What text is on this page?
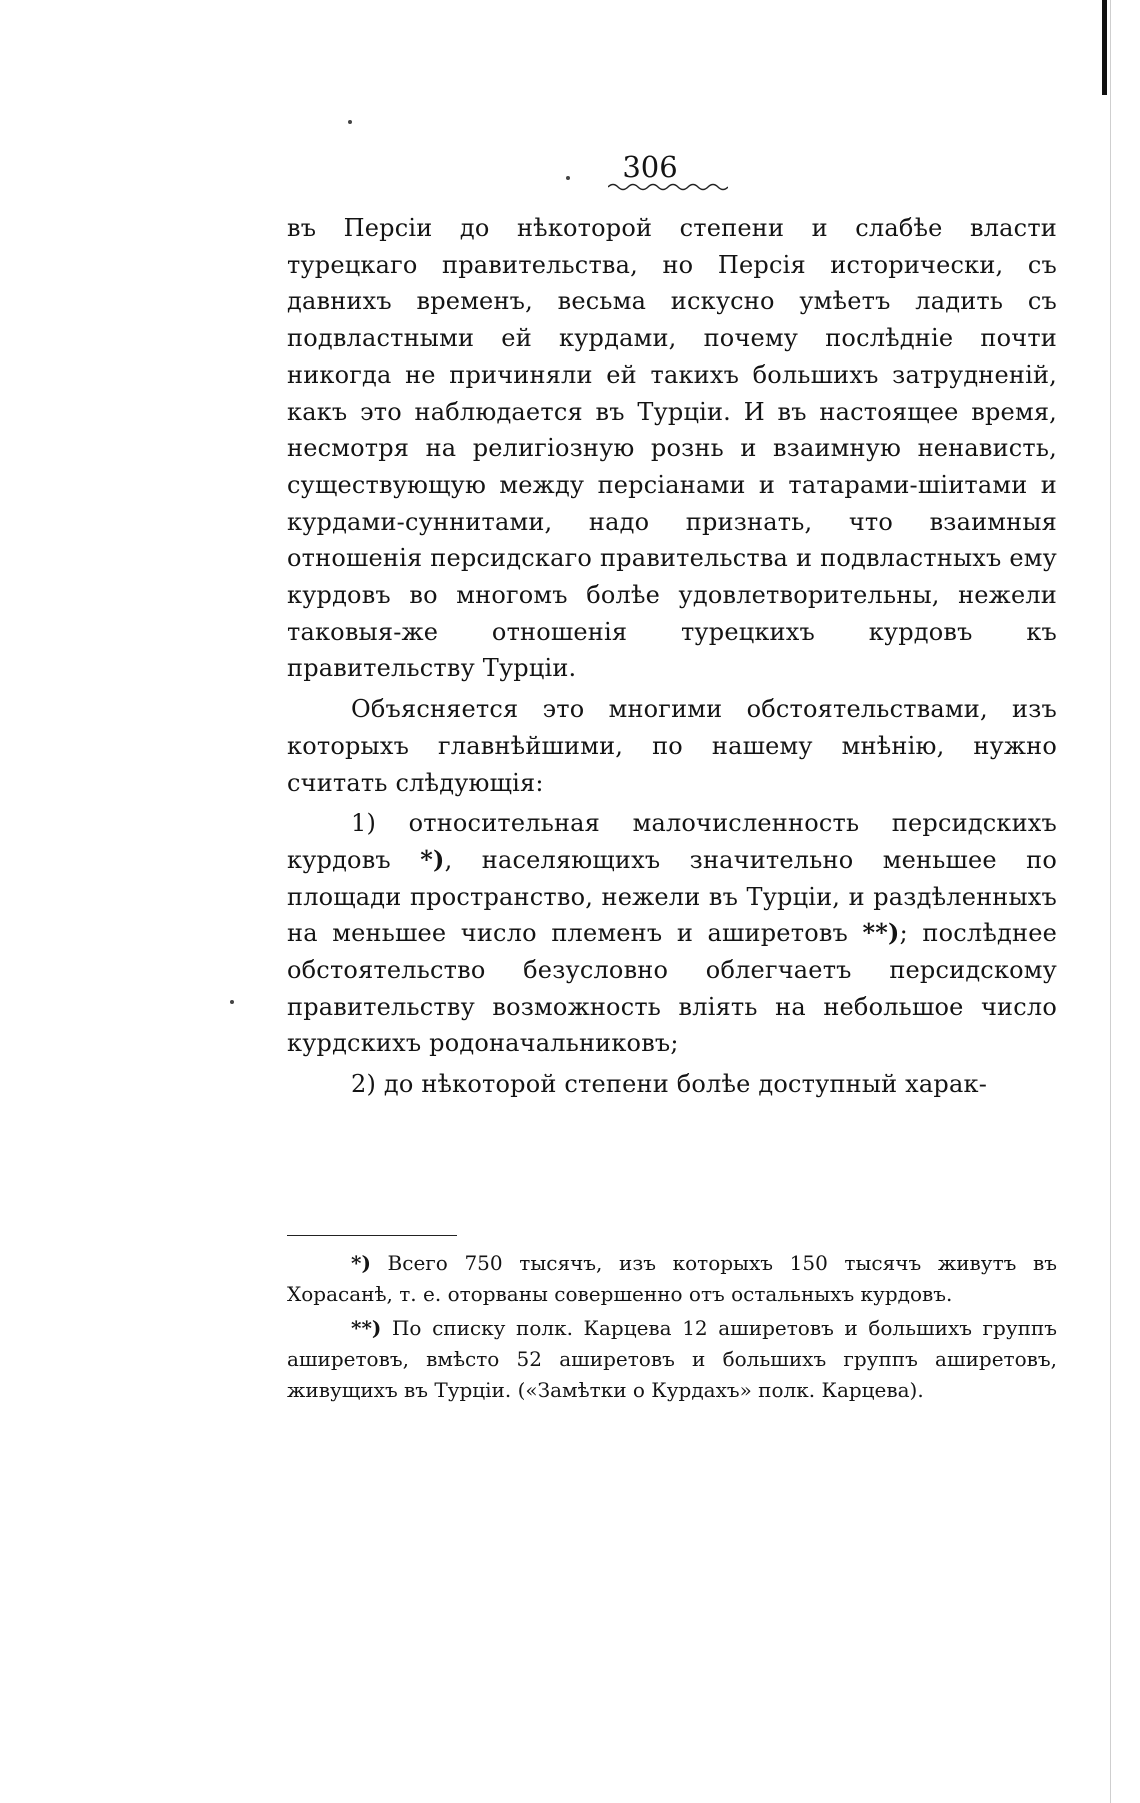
306

въ Персіи до нѣкоторой степени и слабѣе власти турецкаго правительства, но Персія исторически, съ давнихъ временъ, весьма искусно умѣетъ ладить съ подвластными ей курдами, почему послѣдніе почти никогда не причиняли ей такихъ большихъ затрудненій, какъ это наблюдается въ Турціи. И въ настоящее время, несмотря на религіозную рознь и взаимную ненависть, существующую между персіанами и татарами-шіитами и курдами-суннитами, надо признать, что взаимныя отношенія персидскаго правительства и подвластныхъ ему курдовъ во многомъ болѣе удовлетворительны, нежели таковыя-же отношенія турецкихъ курдовъ къ правительству Турціи.

Объясняется это многими обстоятельствами, изъ которыхъ главнѣйшими, по нашему мнѣнію, нужно считать слѣдующія:

1) относительная малочисленность персидскихъ курдовъ *), населяющихъ значительно меньшее по площади пространство, нежели въ Турціи, и раздѣленныхъ на меньшее число племенъ и аширетовъ **); послѣднее обстоятельство безусловно облегчаетъ персидскому правительству возможность вліять на небольшое число курдскихъ родоначальниковъ;

2) до нѣкоторой степени болѣе доступный харак-

*) Всего 750 тысячъ, изъ которыхъ 150 тысячъ живутъ въ Хорасанѣ, т. е. оторваны совершенно отъ остальныхъ курдовъ.

**) По списку полк. Карцева 12 аширетовъ и большихъ группъ аширетовъ, вмѣсто 52 аширетовъ и большихъ группъ аширетовъ, живущихъ въ Турціи. («Замѣтки о Курдахъ» полк. Карцева).
